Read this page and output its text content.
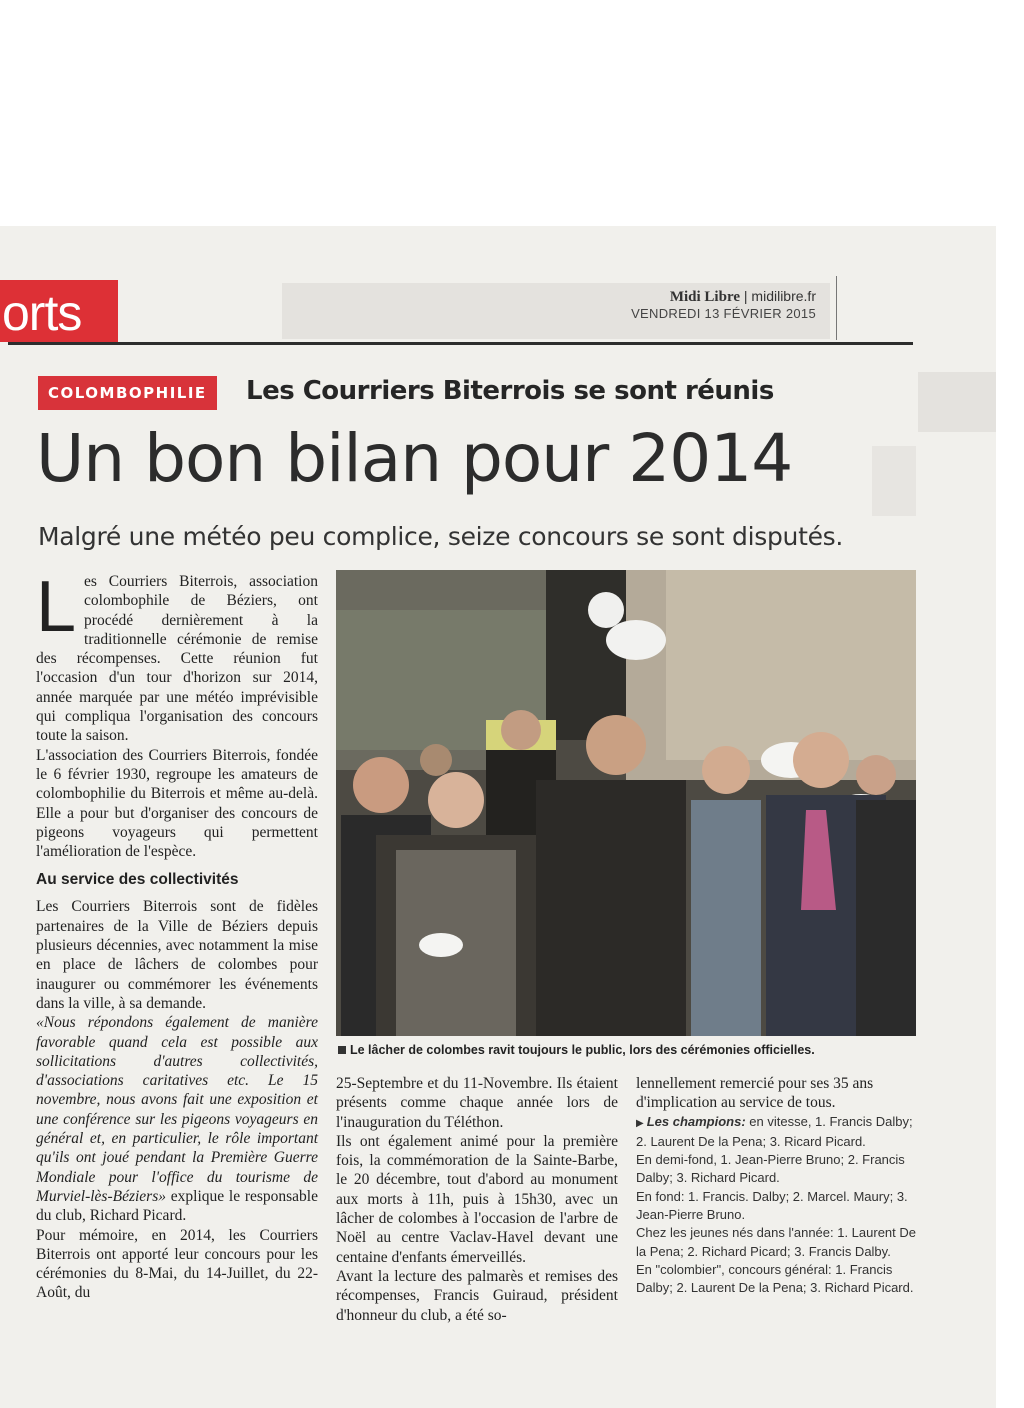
orts	Midi Libre | midilibre.fr
VENDREDI 13 FÉVRIER 2015
COLOMBOPHILIE	Les Courriers Biterrois se sont réunis
Un bon bilan pour 2014
Malgré une météo peu complice, seize concours se sont disputés.

Les Courriers Biterrois, association colombophile de Béziers, ont procédé dernièrement à la traditionnelle cérémonie de remise des récompenses. Cette réunion fut l'occasion d'un tour d'horizon sur 2014, année marquée par une météo imprévisible qui compliqua l'organisation des concours toute la saison.

L'association des Courriers Biterrois, fondée le 6 février 1930, regroupe les amateurs de colombophilie du Biterrois et même au-delà. Elle a pour but d'organiser des concours de pigeons voyageurs qui permettent l'amélioration de l'espèce.

Au service des collectivités

Les Courriers Biterrois sont de fidèles partenaires de la Ville de Béziers depuis plusieurs décennies, avec notamment la mise en place de lâchers de colombes pour inaugurer ou commémorer les événements dans la ville, à sa demande.

«Nous répondons également de manière favorable quand cela est possible aux sollicitations d'autres collectivités, d'associations caritatives etc. Le 15 novembre, nous avons fait une exposition et une conférence sur les pigeons voyageurs en général et, en particulier, le rôle important qu'ils ont joué pendant la Première Guerre Mondiale pour l'office du tourisme de Murviel-lès-Béziers» explique le responsable du club, Richard Picard.

Pour mémoire, en 2014, les Courriers Biterrois ont apporté leur concours pour les cérémonies du 8-Mai, du 14-Juillet, du 22-Août, du

Le lâcher de colombes ravit toujours le public, lors des cérémonies officielles.

25-Septembre et du 11-Novembre. Ils étaient présents comme chaque année lors de l'inauguration du Téléthon.

Ils ont également animé pour la première fois, la commémoration de la Sainte-Barbe, le 20 décembre, tout d'abord au monument aux morts à 11h, puis à 15h30, avec un lâcher de colombes à l'occasion de l'arbre de Noël au centre Vaclav-Havel devant une centaine d'enfants émerveillés.

Avant la lecture des palmarès et remises des récompenses, Francis Guiraud, président d'honneur du club, a été so-

lennellement remercié pour ses 35 ans d'implication au service de tous.

▶ Les champions: en vitesse, 1. Francis Dalby; 2. Laurent De la Pena; 3. Ricard Picard.

En demi-fond, 1. Jean-Pierre Bruno; 2. Francis Dalby; 3. Richard Picard.

En fond: 1. Francis. Dalby; 2. Marcel. Maury; 3. Jean-Pierre Bruno.

Chez les jeunes nés dans l'année: 1. Laurent De la Pena; 2. Richard Picard; 3. Francis Dalby.

En "colombier", concours général: 1. Francis Dalby; 2. Laurent De la Pena; 3. Richard Picard.
